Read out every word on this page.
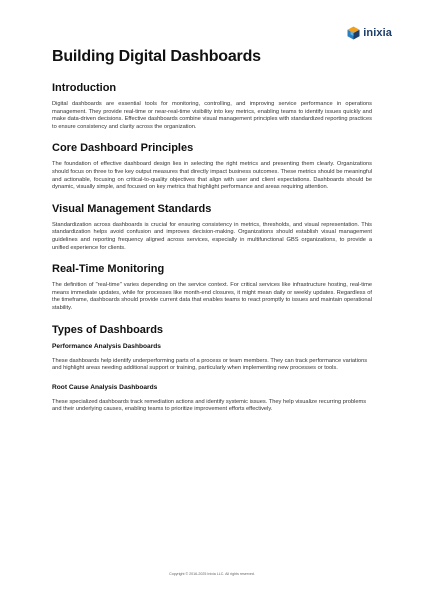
inixia
Building Digital Dashboards
Introduction

Digital dashboards are essential tools for monitoring, controlling, and improving service performance in operations management. They provide real-time or near-real-time visibility into key metrics, enabling teams to identify issues quickly and make data-driven decisions. Effective dashboards combine visual management principles with standardized reporting practices to ensure consistency and clarity across the organization.

Core Dashboard Principles

The foundation of effective dashboard design lies in selecting the right metrics and presenting them clearly. Organizations should focus on three to five key output measures that directly impact business outcomes. These metrics should be meaningful and actionable, focusing on critical-to-quality objectives that align with user and client expectations. Dashboards should be dynamic, visually simple, and focused on key metrics that highlight performance and areas requiring attention.

Visual Management Standards

Standardization across dashboards is crucial for ensuring consistency in metrics, thresholds, and visual representation. This standardization helps avoid confusion and improves decision-making. Organizations should establish visual management guidelines and reporting frequency aligned across services, especially in multifunctional GBS organizations, to provide a unified experience for clients.

Real-Time Monitoring

The definition of "real-time" varies depending on the service context. For critical services like infrastructure hosting, real-time means immediate updates, while for processes like month-end closures, it might mean daily or weekly updates. Regardless of the timeframe, dashboards should provide current data that enables teams to react promptly to issues and maintain operational stability.

Types of Dashboards
Performance Analysis Dashboards

These dashboards help identify underperforming parts of a process or team members. They can track performance variations and highlight areas needing additional support or training, particularly when implementing new processes or tools.

Root Cause Analysis Dashboards

These specialized dashboards track remediation actions and identify systemic issues. They help visualize recurring problems and their underlying causes, enabling teams to prioritize improvement efforts effectively.

Copyright © 2016-2025 Inixia LLC. All rights reserved.
